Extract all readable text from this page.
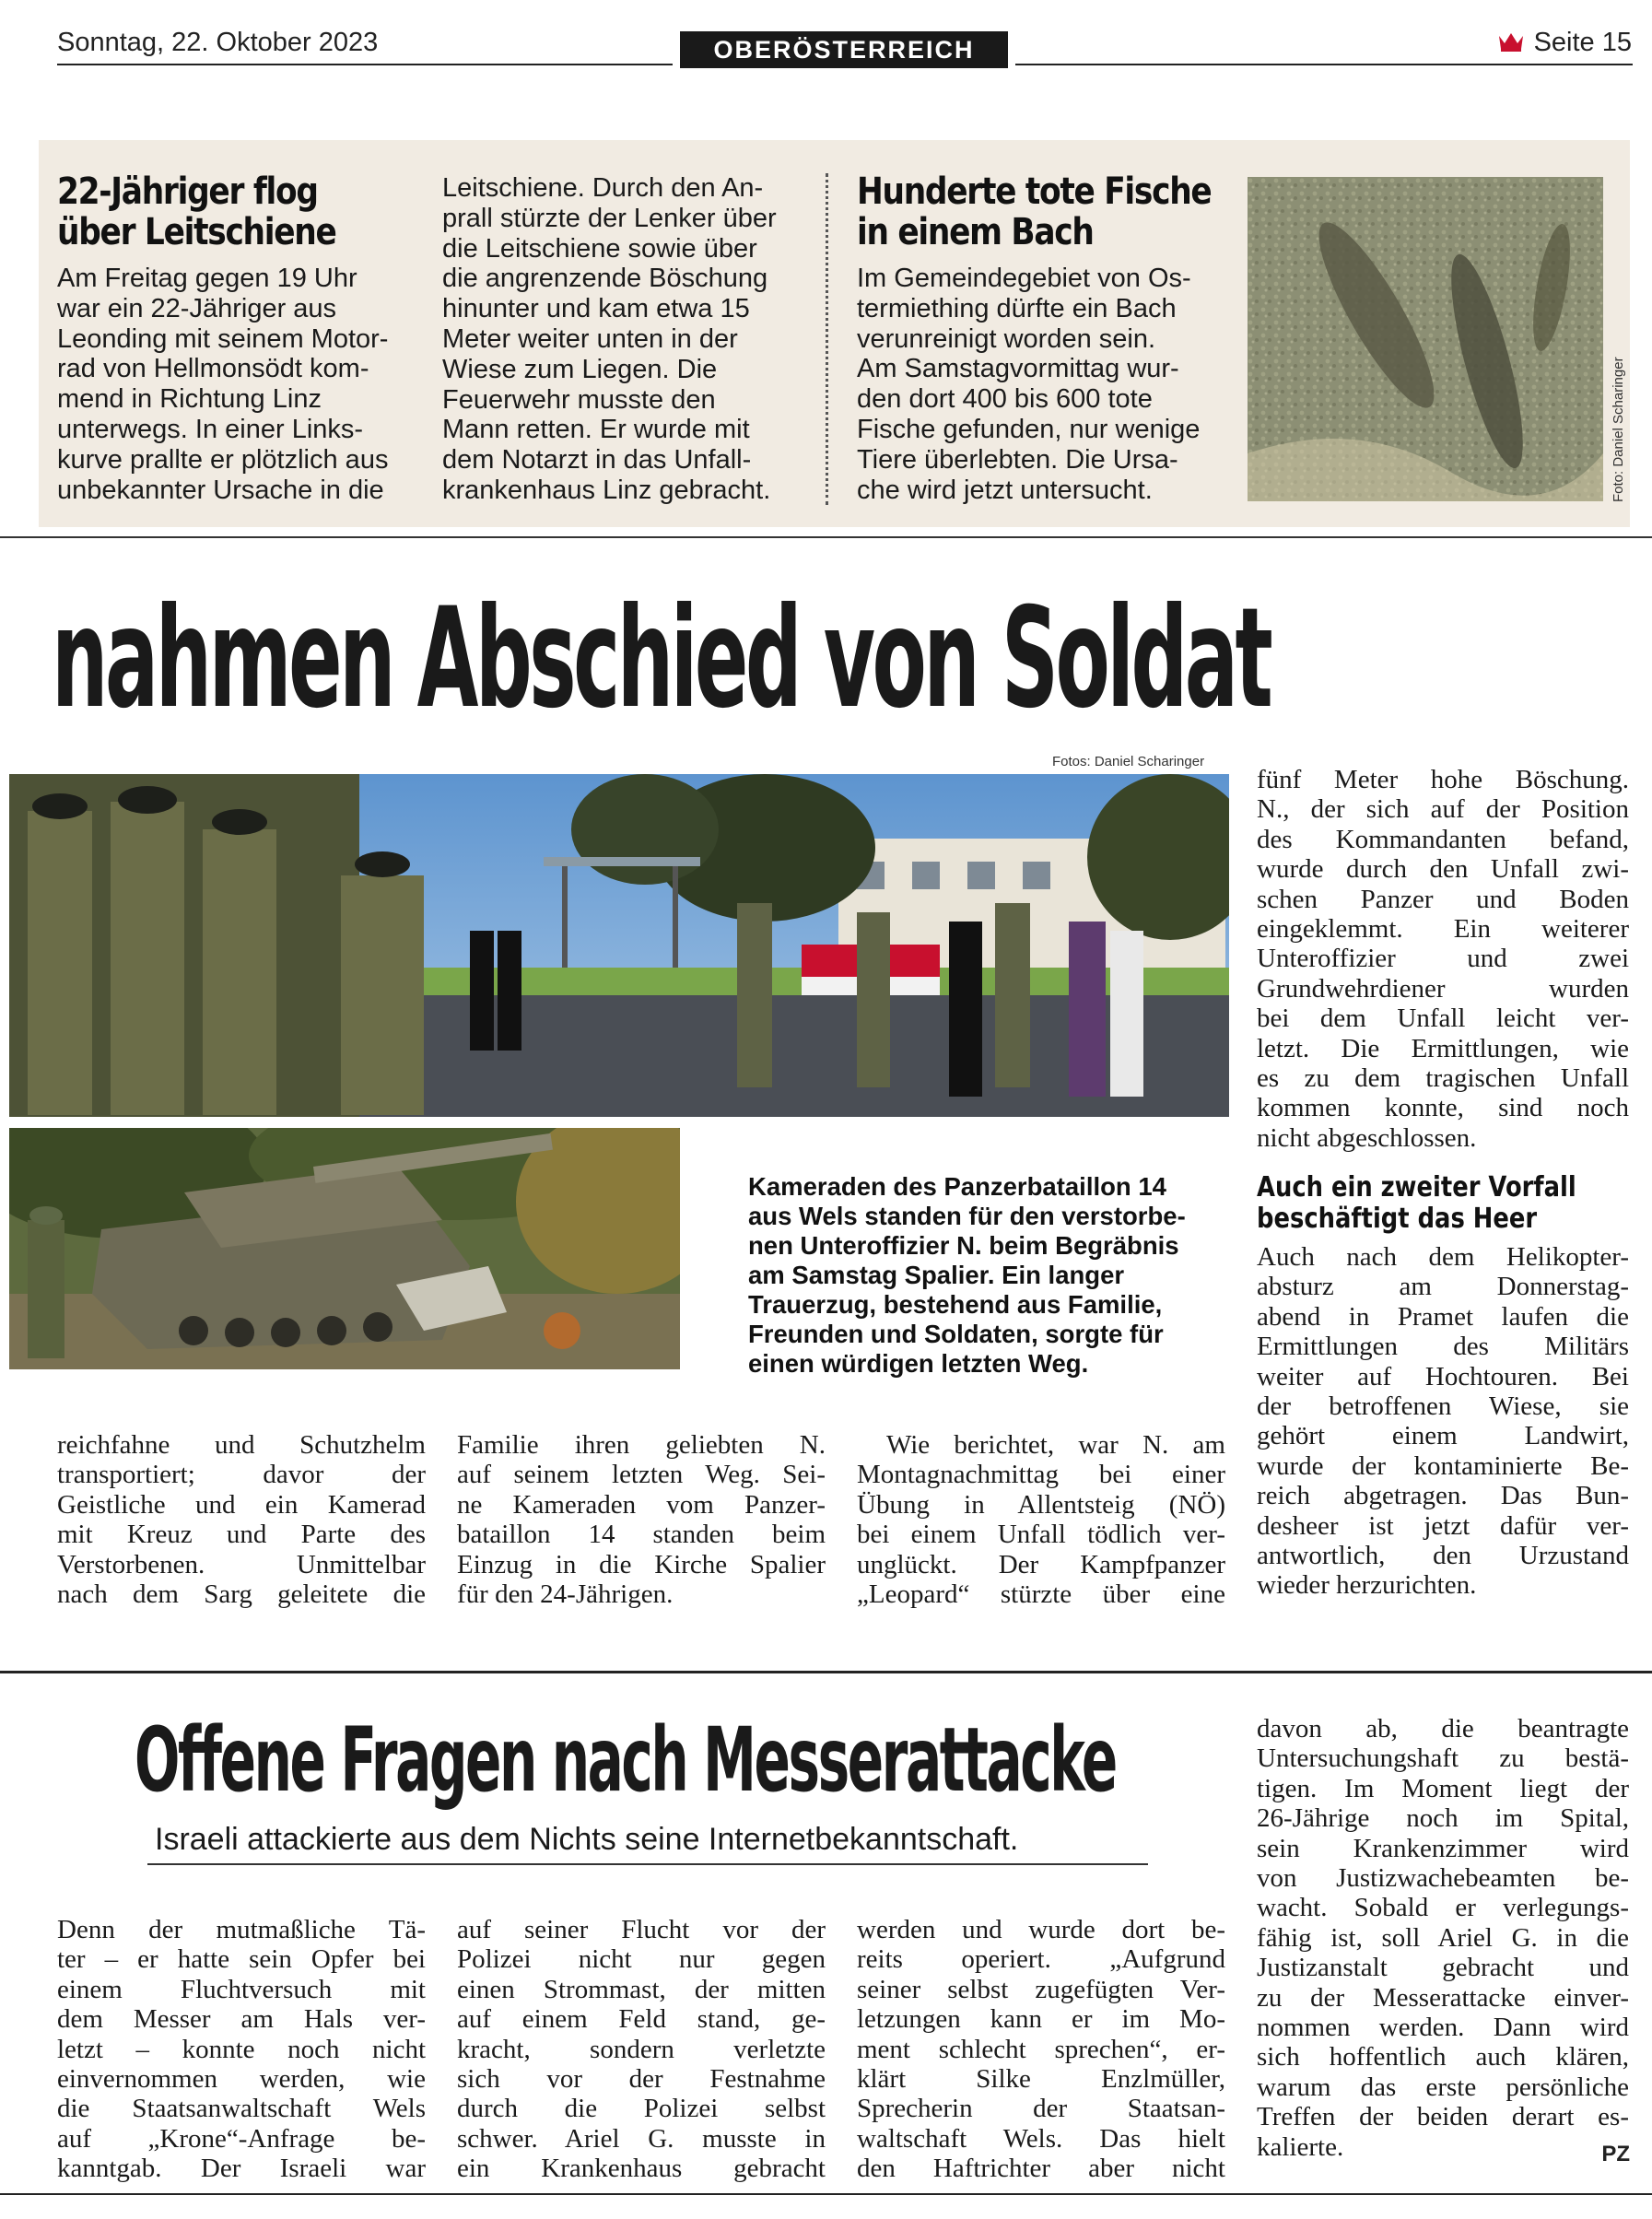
Sonntag, 22. Oktober 2023	OBERÖSTERREICH	Seite 15
22-Jähriger flog
über Leitschiene
Am Freitag gegen 19 Uhr
war ein 22-Jähriger aus
Leonding mit seinem Motor-
rad von Hellmonsödt kom-
mend in Richtung Linz
unterwegs. In einer Links-
kurve prallte er plötzlich aus
unbekannter Ursache in die
Leitschiene. Durch den An-
prall stürzte der Lenker über
die Leitschiene sowie über
die angrenzende Böschung
hinunter und kam etwa 15
Meter weiter unten in der
Wiese zum Liegen. Die
Feuerwehr musste den
Mann retten. Er wurde mit
dem Notarzt in das Unfall-
krankenhaus Linz gebracht.
Hunderte tote Fische
in einem Bach
Im Gemeindegebiet von Os-
termiething dürfte ein Bach
verunreinigt worden sein.
Am Samstagvormittag wur-
den dort 400 bis 600 tote
Fische gefunden, nur wenige
Tiere überlebten. Die Ursa-
che wird jetzt untersucht.	Foto: Daniel Scharinger
nahmen Abschied von Soldat
Fotos: Daniel Scharinger
Kameraden des Panzerbataillon 14
aus Wels standen für den verstorbe-
nen Unteroffizier N. beim Begräbnis
am Samstag Spalier. Ein langer
Trauerzug, bestehend aus Familie,
Freunden und Soldaten, sorgte für
einen würdigen letzten Weg.
reichfahne und Schutzhelm
transportiert; davor der
Geistliche und ein Kamerad
mit Kreuz und Parte des
Verstorbenen. Unmittelbar
nach dem Sarg geleitete die
Familie ihren geliebten N.
auf seinem letzten Weg. Sei-
ne Kameraden vom Panzer-
bataillon 14 standen beim
Einzug in die Kirche Spalier
für den 24-Jährigen.
Wie berichtet, war N. am
Montagnachmittag bei einer
Übung in Allentsteig (NÖ)
bei einem Unfall tödlich ver-
unglückt. Der Kampfpanzer
„Leopard“ stürzte über eine
fünf Meter hohe Böschung.
N., der sich auf der Position
des Kommandanten befand,
wurde durch den Unfall zwi-
schen Panzer und Boden
eingeklemmt. Ein weiterer
Unteroffizier und zwei
Grundwehrdiener wurden
bei dem Unfall leicht ver-
letzt. Die Ermittlungen, wie
es zu dem tragischen Unfall
kommen konnte, sind noch
nicht abgeschlossen.
Auch ein zweiter Vorfall
beschäftigt das Heer
Auch nach dem Helikopter-
absturz am Donnerstag-
abend in Pramet laufen die
Ermittlungen des Militärs
weiter auf Hochtouren. Bei
der betroffenen Wiese, sie
gehört einem Landwirt,
wurde der kontaminierte Be-
reich abgetragen. Das Bun-
desheer ist jetzt dafür ver-
antwortlich, den Urzustand
wieder herzurichten.
Offene Fragen nach Messerattacke
Israeli attackierte aus dem Nichts seine Internetbekanntschaft.
Denn der mutmaßliche Tä-
ter – er hatte sein Opfer bei
einem Fluchtversuch mit
dem Messer am Hals ver-
letzt – konnte noch nicht
einvernommen werden, wie
die Staatsanwaltschaft Wels
auf „Krone“-Anfrage be-
kanntgab. Der Israeli war
auf seiner Flucht vor der
Polizei nicht nur gegen
einen Strommast, der mitten
auf einem Feld stand, ge-
kracht, sondern verletzte
sich vor der Festnahme
durch die Polizei selbst
schwer. Ariel G. musste in
ein Krankenhaus gebracht
werden und wurde dort be-
reits operiert. „Aufgrund
seiner selbst zugefügten Ver-
letzungen kann er im Mo-
ment schlecht sprechen“, er-
klärt Silke Enzlmüller,
Sprecherin der Staatsan-
waltschaft Wels. Das hielt
den Haftrichter aber nicht
davon ab, die beantragte
Untersuchungshaft zu bestä-
tigen. Im Moment liegt der
26-Jährige noch im Spital,
sein Krankenzimmer wird
von Justizwachebeamten be-
wacht. Sobald er verlegungs-
fähig ist, soll Ariel G. in die
Justizanstalt gebracht und
zu der Messerattacke einver-
nommen werden. Dann wird
sich hoffentlich auch klären,
warum das erste persönliche
Treffen der beiden derart es-
kalierte.	PZ
